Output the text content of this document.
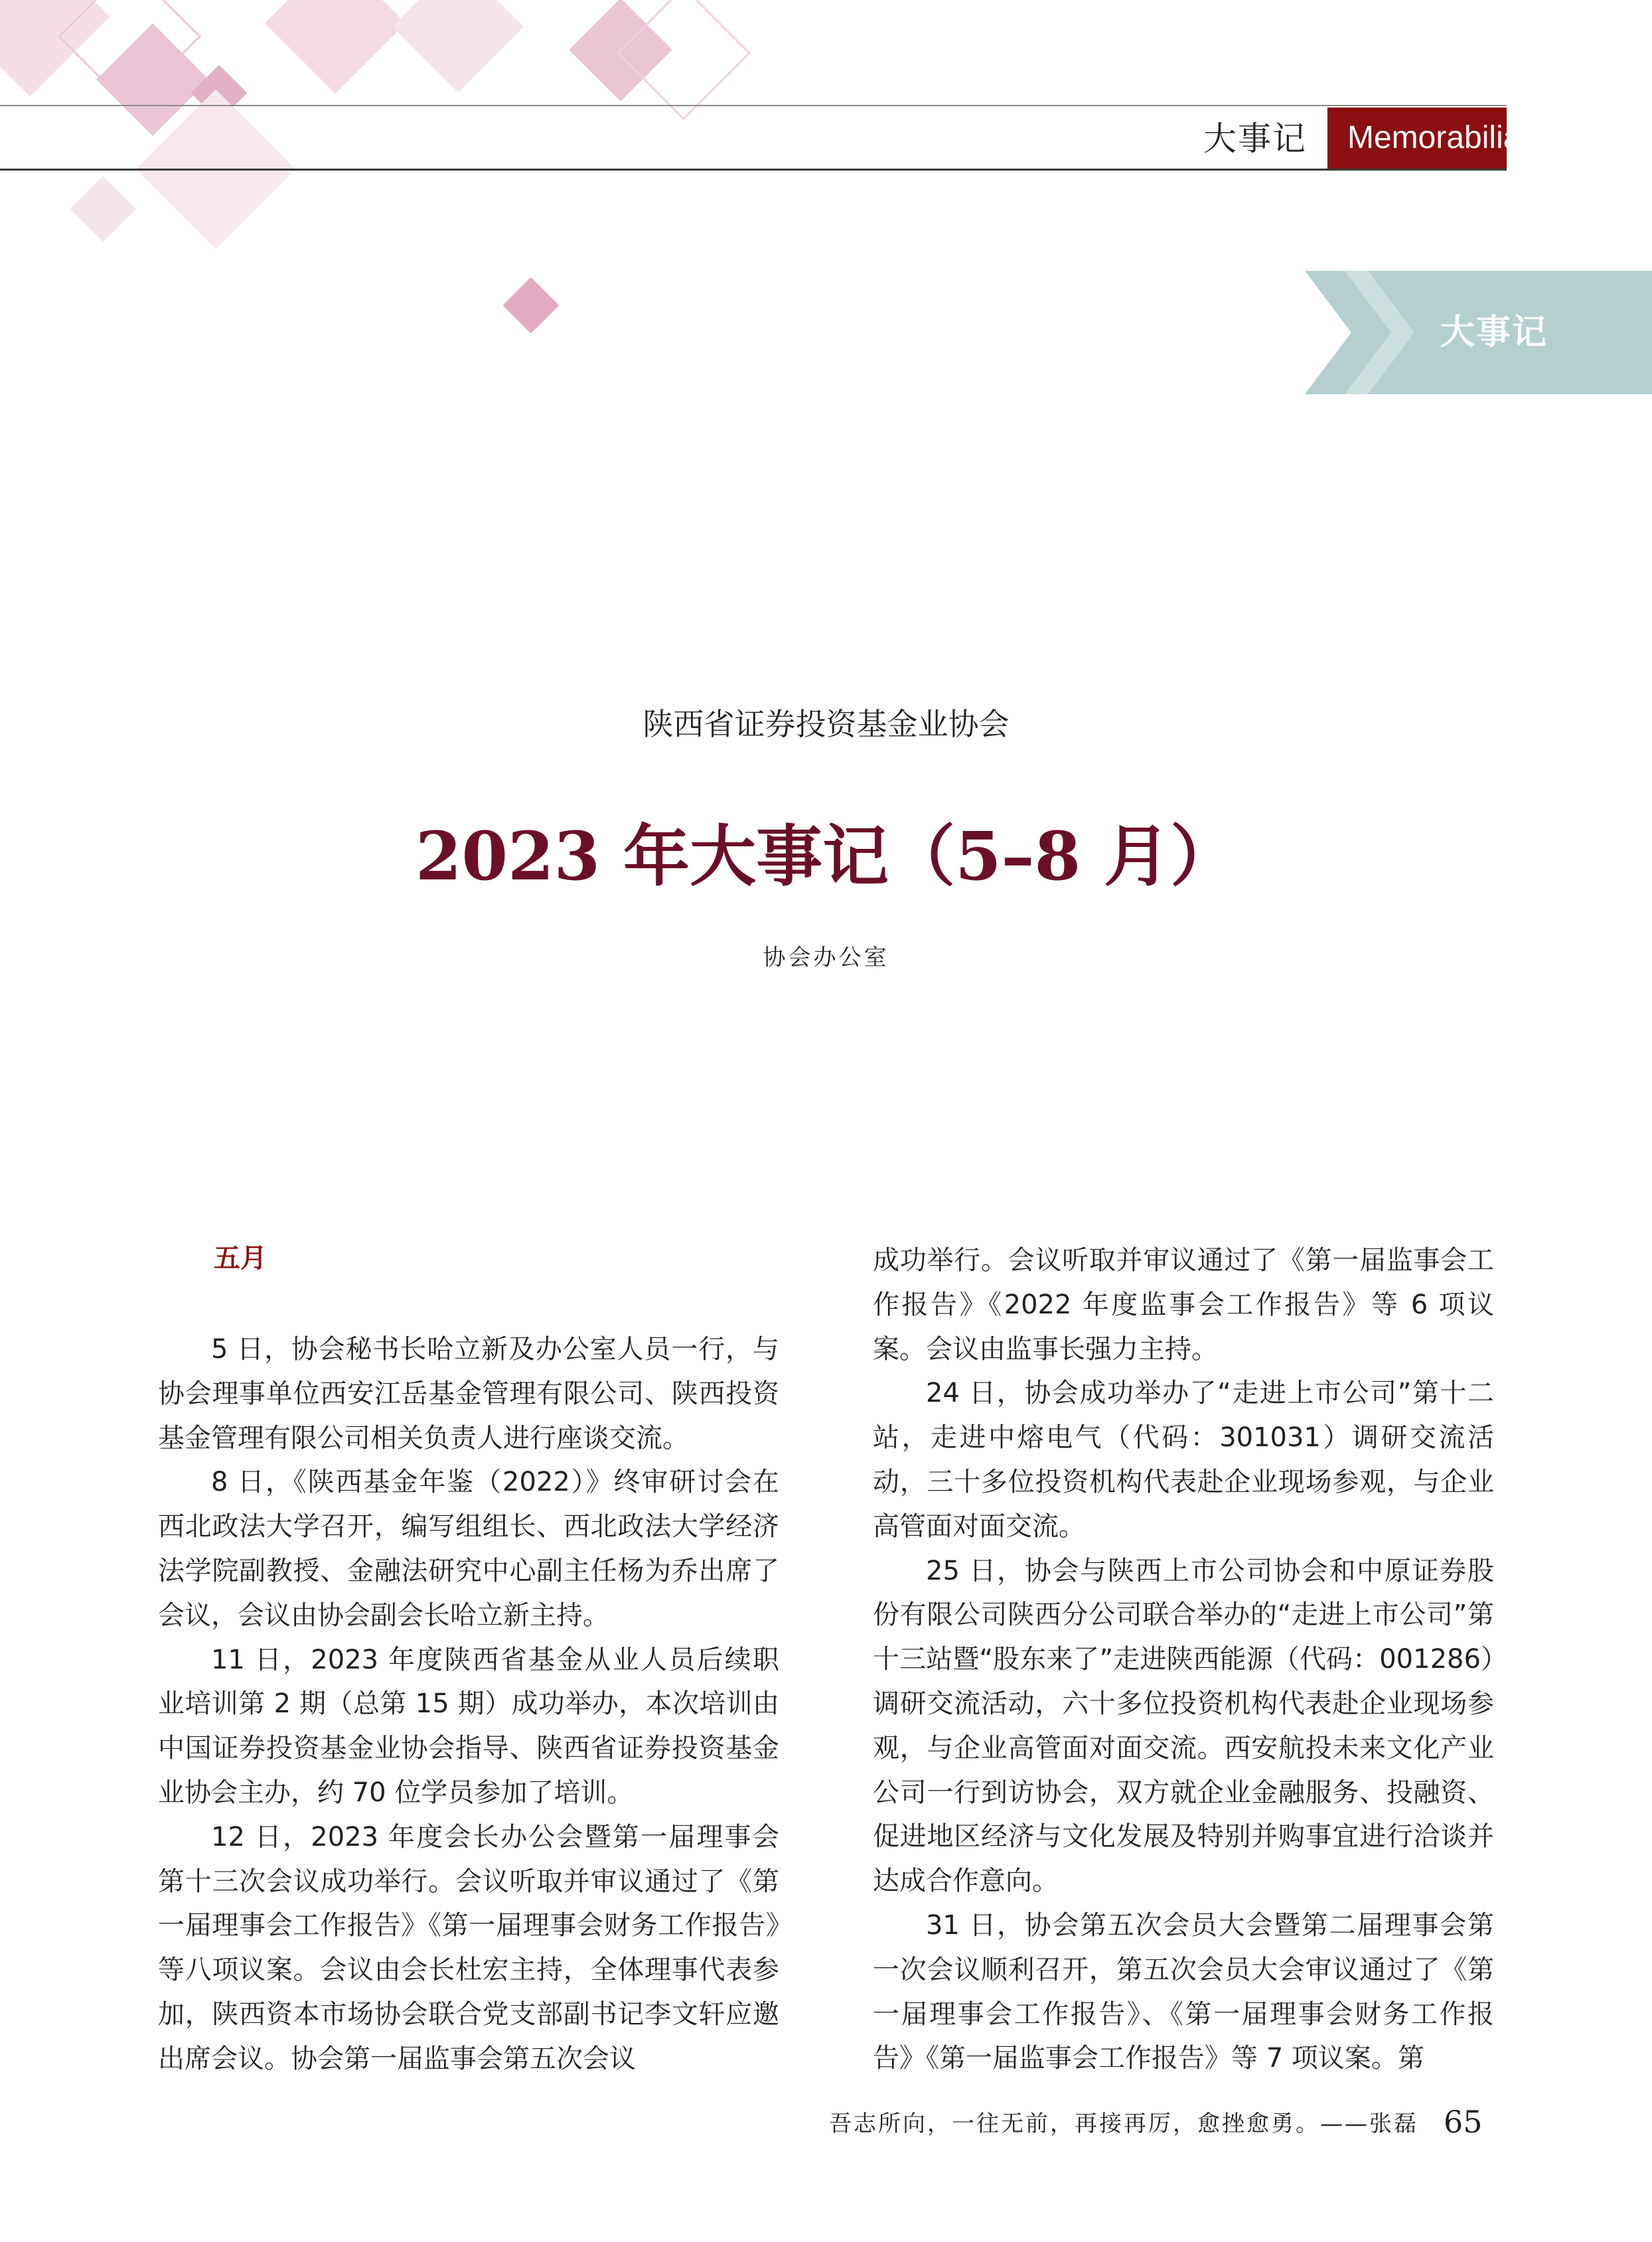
大事记	Memorabilia
大事记
陕西省证券投资基金业协会
2023 年大事记（5–8 月）
协会办公室
五月

5 日，协会秘书长哈立新及办公室人员一行，与协会理事单位西安江岳基金管理有限公司、陕西投资基金管理有限公司相关负责人进行座谈交流。

8 日，《陕西基金年鉴（2022）》终审研讨会在西北政法大学召开，编写组组长、西北政法大学经济法学院副教授、金融法研究中心副主任杨为乔出席了会议，会议由协会副会长哈立新主持。

11 日，2023 年度陕西省基金从业人员后续职业培训第 2 期（总第 15 期）成功举办，本次培训由中国证券投资基金业协会指导、陕西省证券投资基金业协会主办，约 70 位学员参加了培训。

12 日，2023 年度会长办公会暨第一届理事会第十三次会议成功举行。会议听取并审议通过了《第一届理事会工作报告》《第一届理事会财务工作报告》等八项议案。会议由会长杜宏主持，全体理事代表参加，陕西资本市场协会联合党支部副书记李文轩应邀出席会议。协会第一届监事会第五次会议

成功举行。会议听取并审议通过了《第一届监事会工作报告》《2022 年度监事会工作报告》等 6 项议案。会议由监事长强力主持。

24 日，协会成功举办了“走进上市公司”第十二站，走进中熔电气（代码：301031）调研交流活动，三十多位投资机构代表赴企业现场参观，与企业高管面对面交流。

25 日，协会与陕西上市公司协会和中原证券股份有限公司陕西分公司联合举办的“走进上市公司”第十三站暨“股东来了”走进陕西能源（代码：001286）调研交流活动，六十多位投资机构代表赴企业现场参观，与企业高管面对面交流。西安航投未来文化产业公司一行到访协会，双方就企业金融服务、投融资、促进地区经济与文化发展及特别并购事宜进行洽谈并达成合作意向。

31 日，协会第五次会员大会暨第二届理事会第一次会议顺利召开，第五次会员大会审议通过了《第一届理事会工作报告》、《第一届理事会财务工作报告》《第一届监事会工作报告》等 7 项议案。第

吾志所向，一往无前，再接再厉，愈挫愈勇。——张磊 65
